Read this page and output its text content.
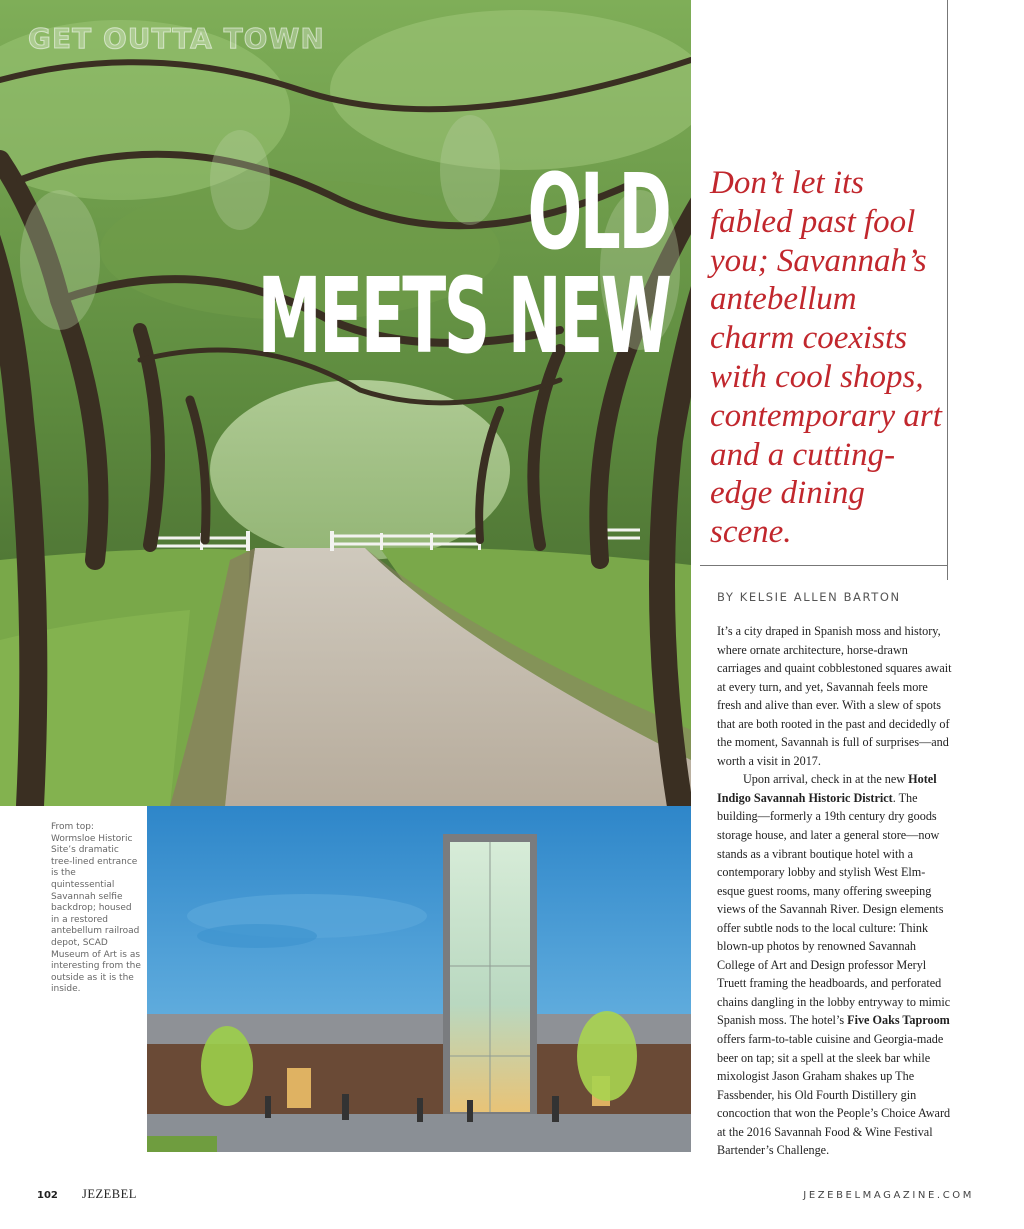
GET OUTTA TOWN
OLD
MEETS NEW
Don’t let its fabled past fool you; Savannah’s antebellum charm coexists with cool shops, contemporary art and a cutting-edge dining scene.
BY KELSIE ALLEN BARTON

It’s a city draped in Spanish moss and history, where ornate architecture, horse-drawn carriages and quaint cobblestoned squares await at every turn, and yet, Savannah feels more fresh and alive than ever. With a slew of spots that are both rooted in the past and decidedly of the moment, Savannah is full of surprises—and worth a visit in 2017.

Upon arrival, check in at the new Hotel Indigo Savannah Historic District. The building—formerly a 19th century dry goods storage house, and later a general store—now stands as a vibrant boutique hotel with a contemporary lobby and stylish West Elm-esque guest rooms, many offering sweeping views of the Savannah River. Design elements offer subtle nods to the local culture: Think blown-up photos by renowned Savannah College of Art and Design professor Meryl Truett framing the headboards, and perforated chains dangling in the lobby entryway to mimic Spanish moss. The hotel’s Five Oaks Taproom offers farm-to-table cuisine and Georgia-made beer on tap; sit a spell at the sleek bar while mixologist Jason Graham shakes up The Fassbender, his Old Fourth Distillery gin concoction that won the People’s Choice Award at the 2016 Savannah Food & Wine Festival Bartender’s Challenge.

From top: Wormsloe Historic Site’s dramatic tree-lined entrance is the quintessential Savannah selfie backdrop; housed in a restored antebellum railroad depot, SCAD Museum of Art is as interesting from the outside as it is the inside.
102 JEZEBEL	JEZEBELMAGAZINE.COM
